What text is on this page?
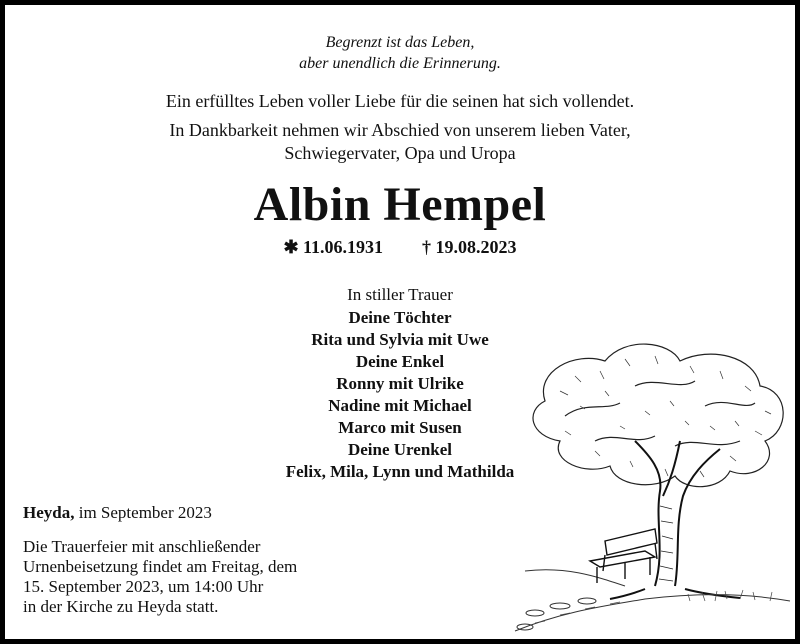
Begrenzt ist das Leben,
aber unendlich die Erinnerung.
Ein erfülltes Leben voller Liebe für die seinen hat sich vollendet.
In Dankbarkeit nehmen wir Abschied von unserem lieben Vater,
Schwiegervater, Opa und Uropa
Albin Hempel
✱ 11.06.1931 † 19.08.2023
In stiller Trauer
Deine Töchter
Rita und Sylvia mit Uwe
Deine Enkel
Ronny mit Ulrike
Nadine mit Michael
Marco mit Susen
Deine Urenkel
Felix, Mila, Lynn und Mathilda
Heyda, im September 2023
Die Trauerfeier mit anschließender
Urnenbeisetzung findet am Freitag, dem
15. September 2023, um 14:00 Uhr
in der Kirche zu Heyda statt.
